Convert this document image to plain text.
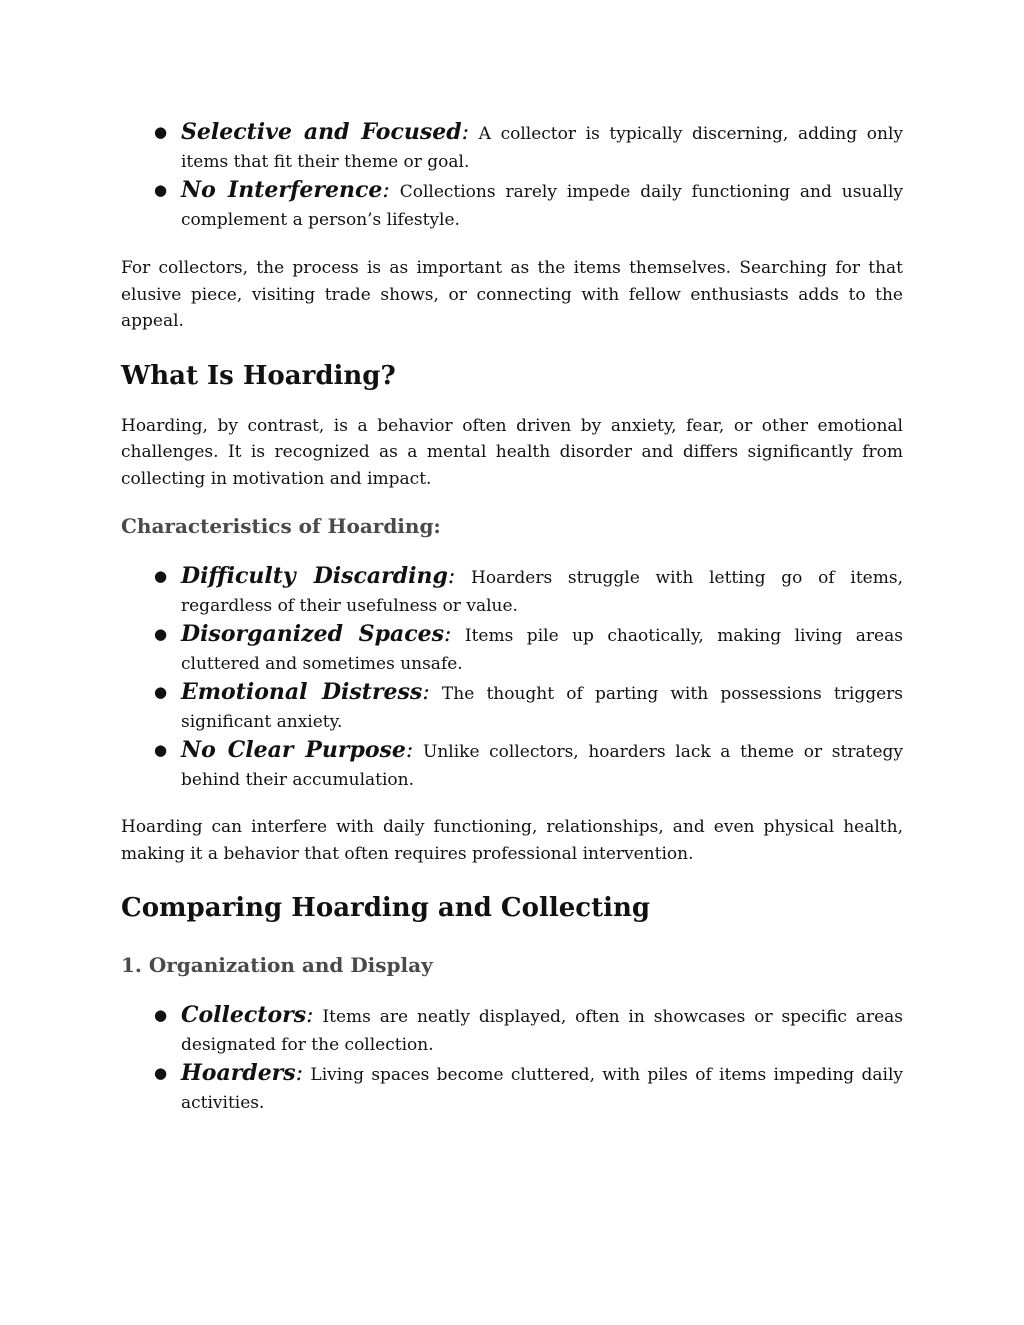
● Selective and Focused: A collector is typically discerning, adding only items that fit their theme or goal.
● No Interference: Collections rarely impede daily functioning and usually complement a person’s lifestyle.

For collectors, the process is as important as the items themselves. Searching for that elusive piece, visiting trade shows, or connecting with fellow enthusiasts adds to the appeal.

What Is Hoarding?

Hoarding, by contrast, is a behavior often driven by anxiety, fear, or other emotional challenges. It is recognized as a mental health disorder and differs significantly from collecting in motivation and impact.

Characteristics of Hoarding:
● Difficulty Discarding: Hoarders struggle with letting go of items, regardless of their usefulness or value.
● Disorganized Spaces: Items pile up chaotically, making living areas cluttered and sometimes unsafe.
● Emotional Distress: The thought of parting with possessions triggers significant anxiety.
● No Clear Purpose: Unlike collectors, hoarders lack a theme or strategy behind their accumulation.

Hoarding can interfere with daily functioning, relationships, and even physical health, making it a behavior that often requires professional intervention.

Comparing Hoarding and Collecting
1. Organization and Display
● Collectors: Items are neatly displayed, often in showcases or specific areas designated for the collection.
● Hoarders: Living spaces become cluttered, with piles of items impeding daily activities.
